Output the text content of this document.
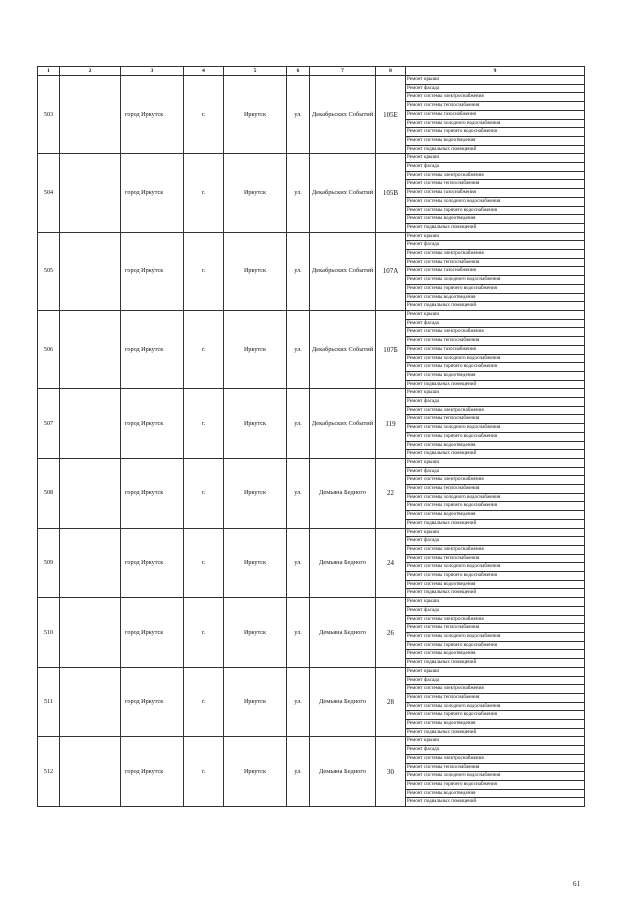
1	2	3	4	5	6	7	8	9
503		город Иркутск	г.	Иркутск	ул.	Декабрьских Событий	105Е	Ремонт крыши
								Ремонт фасада
								Ремонт системы электроснабжения
								Ремонт системы теплоснабжения
								Ремонт системы газоснабжения
								Ремонт системы холодного водоснабжения
								Ремонт системы горячего водоснабжения
								Ремонт системы водоотведения
								Ремонт подвальных помещений
504		город Иркутск	г.	Иркутск	ул.	Декабрьских Событий	105В	Ремонт крыши
								Ремонт фасада
								Ремонт системы электроснабжения
								Ремонт системы теплоснабжения
								Ремонт системы газоснабжения
								Ремонт системы холодного водоснабжения
								Ремонт системы горячего водоснабжения
								Ремонт системы водоотведения
								Ремонт подвальных помещений
505		город Иркутск	г.	Иркутск	ул.	Декабрьских Событий	107А	Ремонт крыши
								Ремонт фасада
								Ремонт системы электроснабжения
								Ремонт системы теплоснабжения
								Ремонт системы газоснабжения
								Ремонт системы холодного водоснабжения
								Ремонт системы горячего водоснабжения
								Ремонт системы водоотведения
								Ремонт подвальных помещений
506		город Иркутск	г.	Иркутск	ул.	Декабрьских Событий	107Б	Ремонт крыши
								Ремонт фасада
								Ремонт системы электроснабжения
								Ремонт системы теплоснабжения
								Ремонт системы газоснабжения
								Ремонт системы холодного водоснабжения
								Ремонт системы горячего водоснабжения
								Ремонт системы водоотведения
								Ремонт подвальных помещений
507		город Иркутск	г.	Иркутск	ул.	Декабрьских Событий	119	Ремонт крыши
								Ремонт фасада
								Ремонт системы электроснабжения
								Ремонт системы теплоснабжения
								Ремонт системы холодного водоснабжения
								Ремонт системы горячего водоснабжения
								Ремонт системы водоотведения
								Ремонт подвальных помещений
508		город Иркутск	г.	Иркутск	ул.	Демьяна Бедного	22	Ремонт крыши
								Ремонт фасада
								Ремонт системы электроснабжения
								Ремонт системы теплоснабжения
								Ремонт системы холодного водоснабжения
								Ремонт системы горячего водоснабжения
								Ремонт системы водоотведения
								Ремонт подвальных помещений
509		город Иркутск	г.	Иркутск	ул.	Демьяна Бедного	24	Ремонт крыши
								Ремонт фасада
								Ремонт системы электроснабжения
								Ремонт системы теплоснабжения
								Ремонт системы холодного водоснабжения
								Ремонт системы горячего водоснабжения
								Ремонт системы водоотведения
								Ремонт подвальных помещений
510		город Иркутск	г.	Иркутск	ул.	Демьяна Бедного	26	Ремонт крыши
								Ремонт фасада
								Ремонт системы электроснабжения
								Ремонт системы теплоснабжения
								Ремонт системы холодного водоснабжения
								Ремонт системы горячего водоснабжения
								Ремонт системы водоотведения
								Ремонт подвальных помещений
511		город Иркутск	г.	Иркутск	ул.	Демьяна Бедного	28	Ремонт крыши
								Ремонт фасада
								Ремонт системы электроснабжения
								Ремонт системы теплоснабжения
								Ремонт системы холодного водоснабжения
								Ремонт системы горячего водоснабжения
								Ремонт системы водоотведения
								Ремонт подвальных помещений
512		город Иркутск	г.	Иркутск	ул.	Демьяна Бедного	30	Ремонт крыши
								Ремонт фасада
								Ремонт системы электроснабжения
								Ремонт системы теплоснабжения
								Ремонт системы холодного водоснабжения
								Ремонт системы горячего водоснабжения
								Ремонт системы водоотведения
								Ремонт подвальных помещений
61
